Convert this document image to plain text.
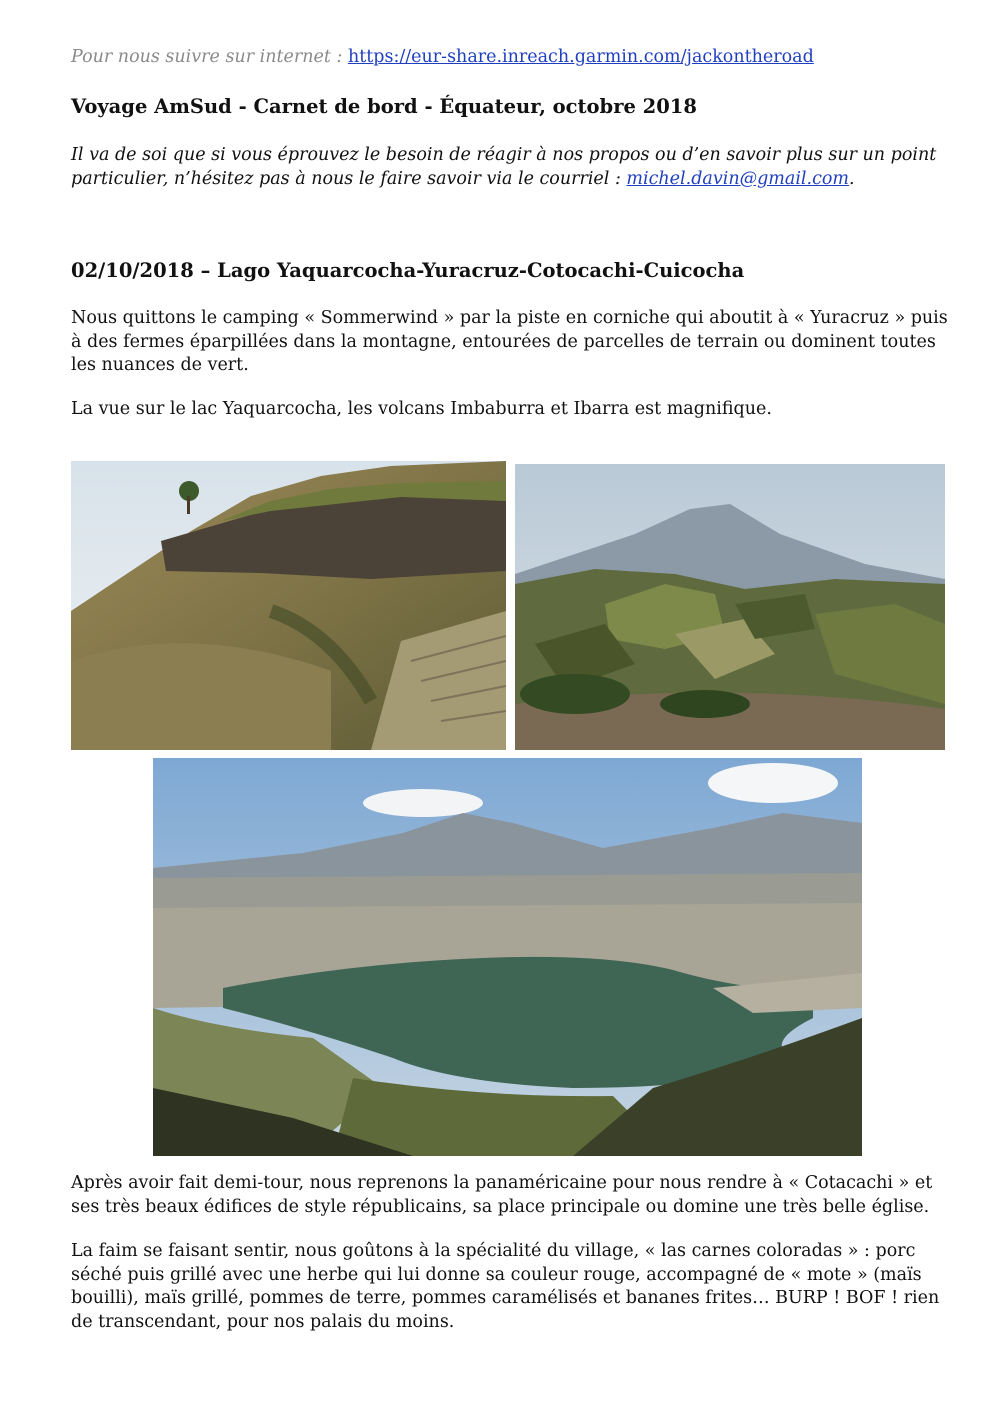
Pour nous suivre sur internet : https://eur-share.inreach.garmin.com/jackontheroad
Voyage AmSud - Carnet de bord - Équateur, octobre 2018
Il va de soi que si vous éprouvez le besoin de réagir à nos propos ou d’en savoir plus sur un point particulier, n’hésitez pas à nous le faire savoir via le courriel : michel.davin@gmail.com.
02/10/2018 – Lago Yaquarcocha-Yuracruz-Cotocachi-Cuicocha
Nous quittons le camping « Sommerwind » par la piste en corniche qui aboutit à « Yuracruz » puis à des fermes éparpillées dans la montagne, entourées de parcelles de terrain ou dominent toutes les nuances de vert.
La vue sur le lac Yaquarcocha, les volcans Imbaburra et Ibarra est magnifique.
Après avoir fait demi-tour, nous reprenons la panaméricaine pour nous rendre à « Cotacachi » et ses très beaux édifices de style républicains, sa place principale ou domine une très belle église.
La faim se faisant sentir, nous goûtons à la spécialité du village, « las carnes coloradas » : porc séché puis grillé avec une herbe qui lui donne sa couleur rouge, accompagné de « mote » (maïs bouilli), maïs grillé, pommes de terre, pommes caramélisés et bananes frites… BURP ! BOF ! rien de transcendant, pour nos palais du moins.
